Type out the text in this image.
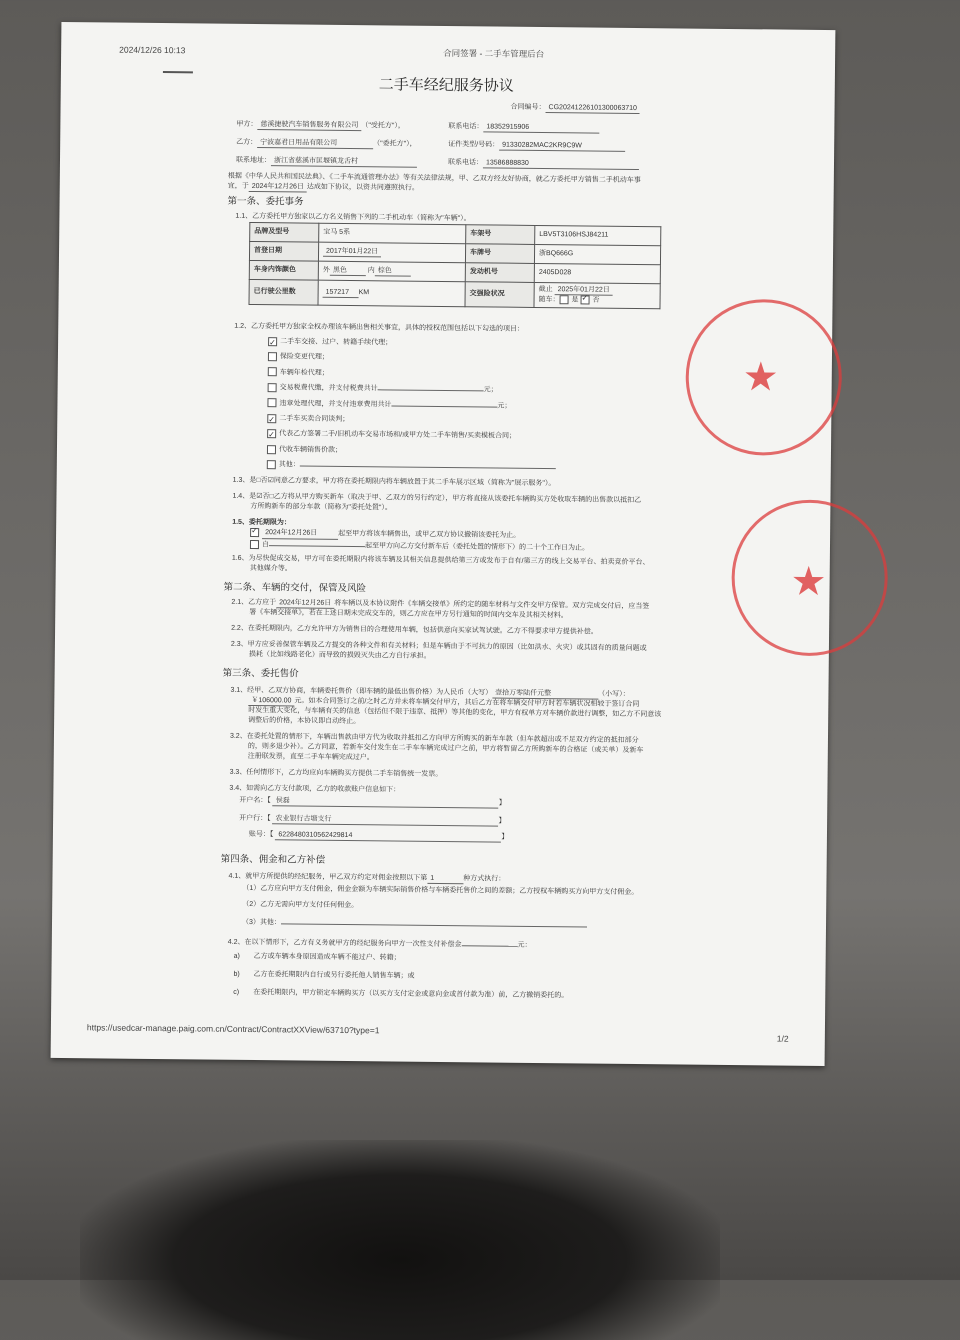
2024/12/26 10:13	合同签署 - 二手车管理后台
二手车经纪服务协议
合同编号： CG20241226101300063710
甲方： 慈溪捷驶汽车销售服务有限公司 （"受托方"），	联系电话： 18352915906
乙方： 宁波嘉君日用品有限公司	（"委托方"），	证件类型/号码： 91330282MAC2KR9C9W
联系地址： 浙江省慈溪市匡堰镇龙舌村	联系电话： 13586888830
根据《中华人民共和国民法典》、《二手车流通管理办法》等有关法律法规，甲、乙双方经友好协商，就乙方委托甲方销售二手机动车事
宜，于 2024年12月26日 达成如下协议，以资共同遵照执行。
第一条、委托事务
1.1、乙方委托甲方独家以乙方名义销售下列的二手机动车（简称为"车辆"）。
品牌及型号	宝马 5系	车架号	LBV5T3106HSJ84211
首登日期	2017年01月22日	车牌号	浙BQ666G
车身内饰颜色	外 黑色 内 棕色	发动机号	2405D028
已行驶公里数	157217 KM	交强险状况	截止 2025年01月22日
随车： 是 ✓ 否
1.2、乙方委托甲方独家全权办理该车辆出售相关事宜，具体的授权范围包括以下勾选的项目：
✓二手车交接、过户、转籍手续代理；
保险变更代理；
车辆年检代理；
交易税费代缴，并支付税费共计	元；
违章处理代理，并支付违章费用共计	元；
✓二手车买卖合同谈判；
✓代表乙方签署二手/旧机动车交易市场和/或甲方处二手车销售/买卖模板合同；
代收车辆销售价款；
其他：
1.3、是□否☑同意乙方要求，甲方将在委托期限内将车辆放置于其二手车展示区域（简称为"展示服务"）。
1.4、是☑否□乙方将从甲方购买新车（取决于甲、乙双方的另行约定），甲方将直接从该委托车辆购买方处收取车辆的出售款以抵扣乙
方所购新车的部分车款（简称为"委托处置"）。
1.5、委托期限为：
✓2024年12月26日	起至甲方将该车辆售出，或甲乙双方协议撤销该委托为止。
自	起至甲方向乙方交付新车后（委托处置的情形下）的二十个工作日为止。
1.6、为尽快促成交易，甲方可在委托期限内将该车辆及其相关信息提供给第三方或发布于自有/第三方的线上交易平台、拍卖竞价平台、
其他媒介等。
第二条、车辆的交付，保管及风险
2.1、乙方应于 2024年12月26日 将车辆以及本协议附件《车辆交接单》所约定的随车材料与文件交甲方保管。双方完成交付后，应当签
署《车辆交接单》，若在上述日期未完成交车的，则乙方应在甲方另行通知的时间内交车及其相关材料。
2.2、在委托期限内，乙方允许甲方为销售目的合理使用车辆，包括供意向买家试驾试驶。乙方不得要求甲方提供补偿。
2.3、甲方应妥善保管车辆及乙方提交的各种文件和有关材料；但是车辆由于不可抗力的原因（比如洪水、火灾）或其固有的质量问题或
损耗（比如线路老化）而导致的损毁灭失由乙方自行承担。
第三条、委托售价
3.1、经甲、乙双方协商，车辆委托售价（即车辆的最低出售价格）为人民币（大写） 壹拾万零陆仟元整	（小写）：
￥106000.00 元。如本合同签订之前/之时乙方并未将车辆交付甲方，其后乙方在将车辆交付甲方时若车辆状况相较于签订合同
时发生重大变化，与车辆有关的信息（包括但不限于违章、抵押）等其他的变化，甲方有权单方对车辆价款进行调整，如乙方不同意该
调整后的价格，本协议即自动终止。
3.2、在委托处置的情形下，车辆出售款由甲方代为收取并抵扣乙方向甲方所购买的新车车款（但车款超出或不足双方约定的抵扣部分
的，则多退少补）。乙方同意，若新车交付发生在二手车车辆完成过户之前，甲方将暂留乙方所购新车的合格证（或关单）及新车
注册联发票，直至二手车车辆完成过户。
3.3、任何情形下，乙方均应向车辆购买方提供二手车销售统一发票。
3.4、如需向乙方支付款项，乙方的收款账户信息如下：
开户名：【 侯磊	】
开户行：【 农业银行古塘支行	】
账号：【 6228480310562429814	】
第四条、佣金和乙方补偿
4.1、就甲方所提供的经纪服务，甲乙双方约定对佣金按照以下第 1	种方式执行：
（1）乙方应向甲方支付佣金，佣金金额为车辆实际销售价格与车辆委托售价之间的差额；乙方授权车辆购买方向甲方支付佣金。
（2）乙方无需向甲方支付任何佣金。
（3）其他：
4.2、在以下情形下，乙方有义务就甲方的经纪服务向甲方一次性支付补偿金	元：
a) 乙方或车辆本身原因造成车辆不能过户、转籍；
b) 乙方在委托期限内自行或另行委托他人销售车辆；或
c) 在委托期限内，甲方锁定车辆购买方（以买方支付定金或意向金或首付款为准）前，乙方撤销委托的。
https://usedcar-manage.paig.com.cn/Contract/ContractXXView/63710?type=1
1/2
★
★
